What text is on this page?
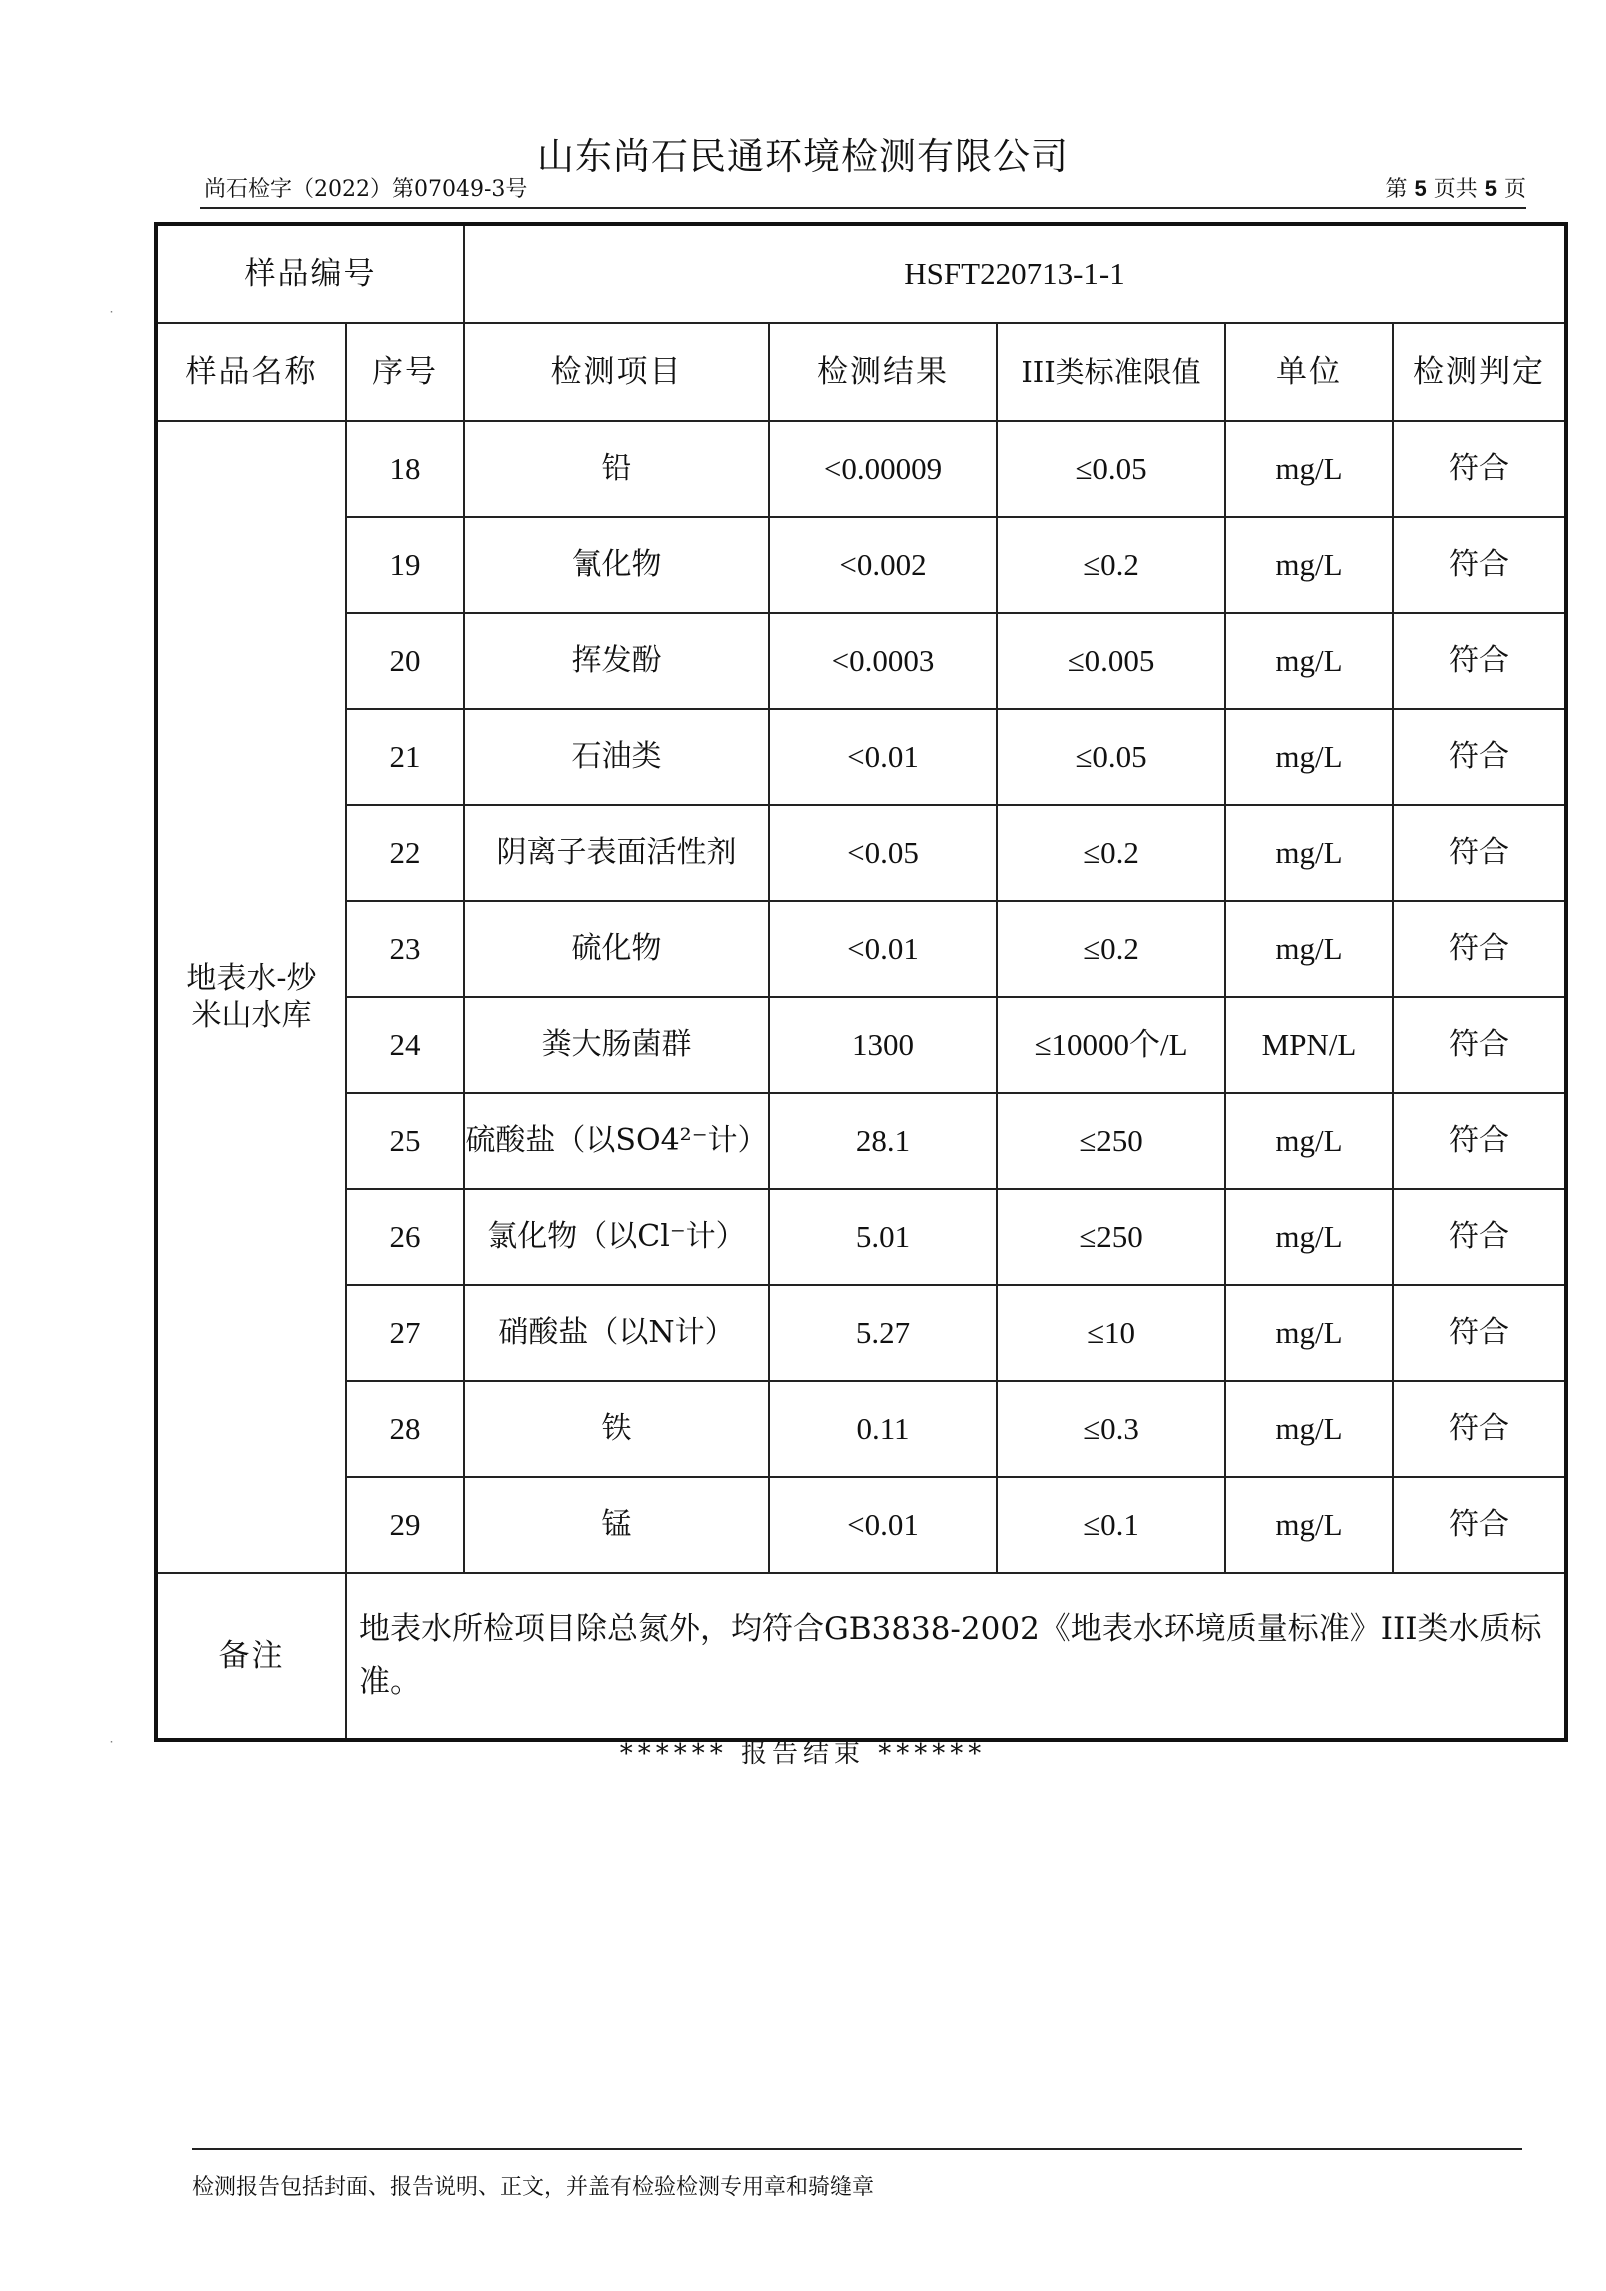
山东尚石民通环境检测有限公司
尚石检字（2022）第07049-3号	第 5 页共 5 页
˙
˙
样品编号		HSFT220713-1-1				
样品名称	序号	检测项目	检测结果	III类标准限值	单位	检测判定
地表水-炒米山水库	18	铅	<0.00009	≤0.05	mg/L	符合
	19	氰化物	<0.002	≤0.2	mg/L	符合
	20	挥发酚	<0.0003	≤0.005	mg/L	符合
	21	石油类	<0.01	≤0.05	mg/L	符合
	22	阴离子表面活性剂	<0.05	≤0.2	mg/L	符合
	23	硫化物	<0.01	≤0.2	mg/L	符合
	24	粪大肠菌群	1300	≤10000个/L	MPN/L	符合
	25	硫酸盐（以SO4²⁻计）	28.1	≤250	mg/L	符合
	26	氯化物（以Cl⁻计）	5.01	≤250	mg/L	符合
	27	硝酸盐（以N计）	5.27	≤10	mg/L	符合
	28	铁	0.11	≤0.3	mg/L	符合
	29	锰	<0.01	≤0.1	mg/L	符合
备注	地表水所检项目除总氮外，均符合GB3838-2002《地表水环境质量标准》III类水质标准。					
****** 报告结束 ******
检测报告包括封面、报告说明、正文，并盖有检验检测专用章和骑缝章
